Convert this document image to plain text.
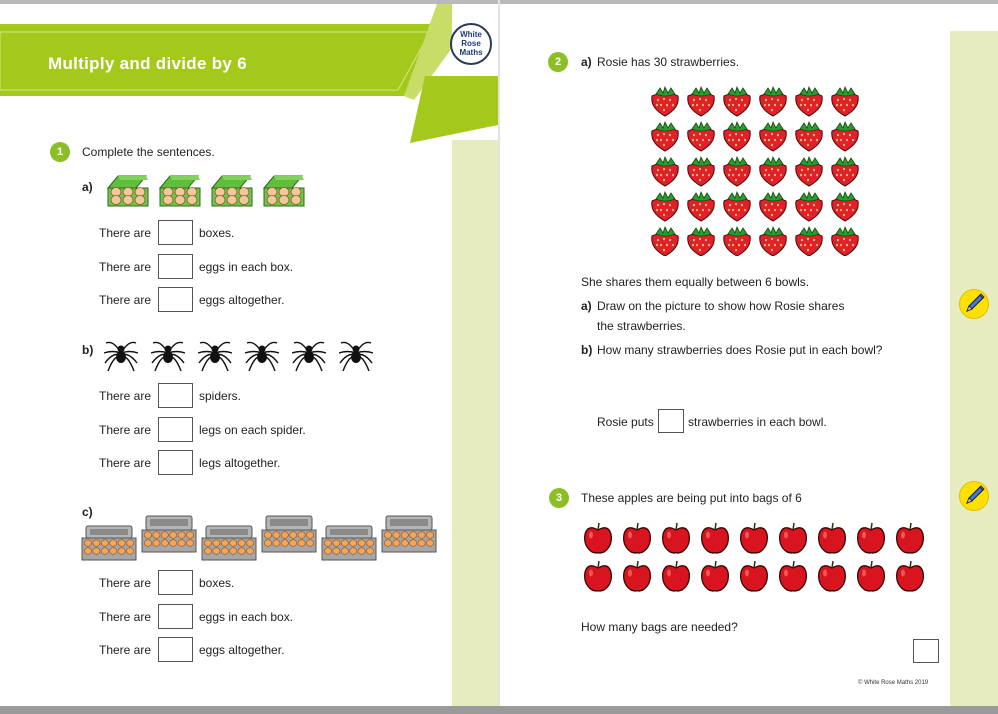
Multiply and divide by 6
White
Rose
Maths
1	Complete the sentences.
a)
There are	boxes.
There are	eggs in each box.
There are	eggs altogether.
b)
There are	spiders.
There are	legs on each spider.
There are	legs altogether.
c)
There are	boxes.
There are	eggs in each box.
There are	eggs altogether.
2	a) Rosie has 30 strawberries.
She shares them equally between 6 bowls.
a) Draw on the picture to show how Rosie shares
the strawberries.
b) How many strawberries does Rosie put in each bowl?
Rosie puts	strawberries in each bowl.
3	These apples are being put into bags of 6
How many bags are needed?
© White Rose Maths 2019
